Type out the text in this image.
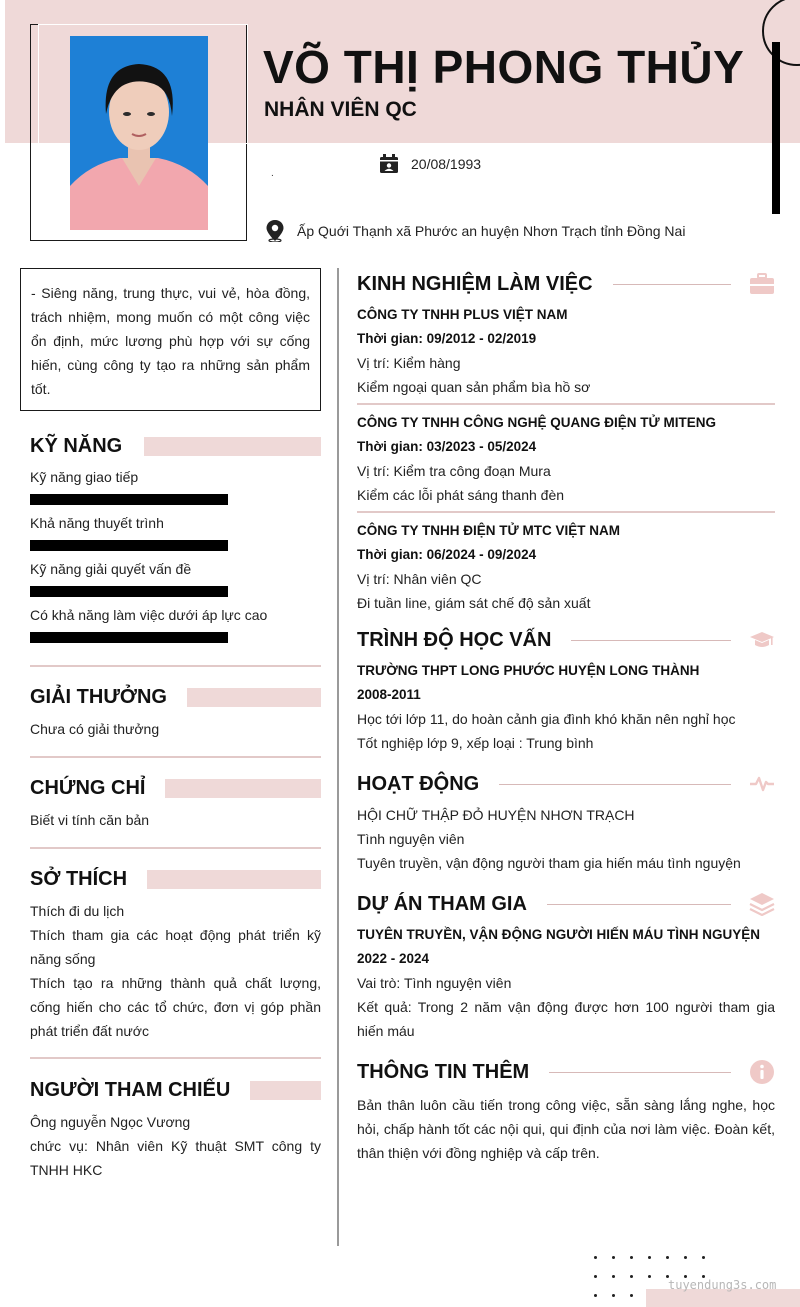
VÕ THỊ PHONG THỦY
NHÂN VIÊN QC
.
20/08/1993
Ấp Quới Thạnh xã Phước an huyện Nhơn Trạch tỉnh Đồng Nai
- Siêng năng, trung thực, vui vẻ, hòa đồng, trách nhiệm, mong muốn có một công việc ổn định, mức lương phù hợp với sự cống hiến, cùng công ty tạo ra những sản phẩm tốt.
KỸ NĂNG
Kỹ năng giao tiếp
Khả năng thuyết trình
Kỹ năng giải quyết vấn đề
Có khả năng làm việc dưới áp lực cao
GIẢI THƯỞNG
Chưa có giải thưởng
CHỨNG CHỈ
Biết vi tính căn bản
SỞ THÍCH
Thích đi du lịch
Thích tham gia các hoạt động phát triển kỹ năng sống
Thích tạo ra những thành quả chất lượng, cống hiến cho các tổ chức, đơn vị góp phần phát triển đất nước
NGƯỜI THAM CHIẾU
Ông nguyễn Ngọc Vương
chức vụ: Nhân viên Kỹ thuật SMT công ty TNHH HKC
KINH NGHIỆM LÀM VIỆC
CÔNG TY TNHH PLUS VIỆT NAM
Thời gian: 09/2012 - 02/2019
Vị trí: Kiểm hàng
Kiểm ngoại quan sản phẩm bìa hồ sơ
CÔNG TY TNHH CÔNG NGHỆ QUANG ĐIỆN TỬ MITENG
Thời gian: 03/2023 - 05/2024
Vị trí: Kiểm tra công đoạn Mura
Kiểm các lỗi phát sáng thanh đèn
CÔNG TY TNHH ĐIỆN TỬ MTC VIỆT NAM
Thời gian: 06/2024 - 09/2024
Vị trí: Nhân viên QC
Đi tuần line, giám sát chế độ sản xuất
TRÌNH ĐỘ HỌC VẤN
TRƯỜNG THPT LONG PHƯỚC HUYỆN LONG THÀNH
2008-2011
Học tới lớp 11, do hoàn cảnh gia đình khó khăn nên nghỉ học
Tốt nghiệp lớp 9, xếp loại : Trung bình
HOẠT ĐỘNG
HỘI CHỮ THẬP ĐỎ HUYỆN NHƠN TRẠCH
Tình nguyện viên
Tuyên truyền, vận động người tham gia hiến máu tình nguyện
DỰ ÁN THAM GIA
TUYÊN TRUYỀN, VẬN ĐỘNG NGƯỜI HIẾN MÁU TÌNH NGUYỆN
2022 - 2024
Vai trò: Tình nguyện viên
Kết quả: Trong 2 năm vận động được hơn 100 người tham gia hiến máu
THÔNG TIN THÊM
Bản thân luôn cầu tiến trong công việc, sẵn sàng lắng nghe, học hỏi, chấp hành tốt các nội qui, qui định của nơi làm việc. Đoàn kết, thân thiện với đồng nghiệp và cấp trên.
tuyendung3s.com
